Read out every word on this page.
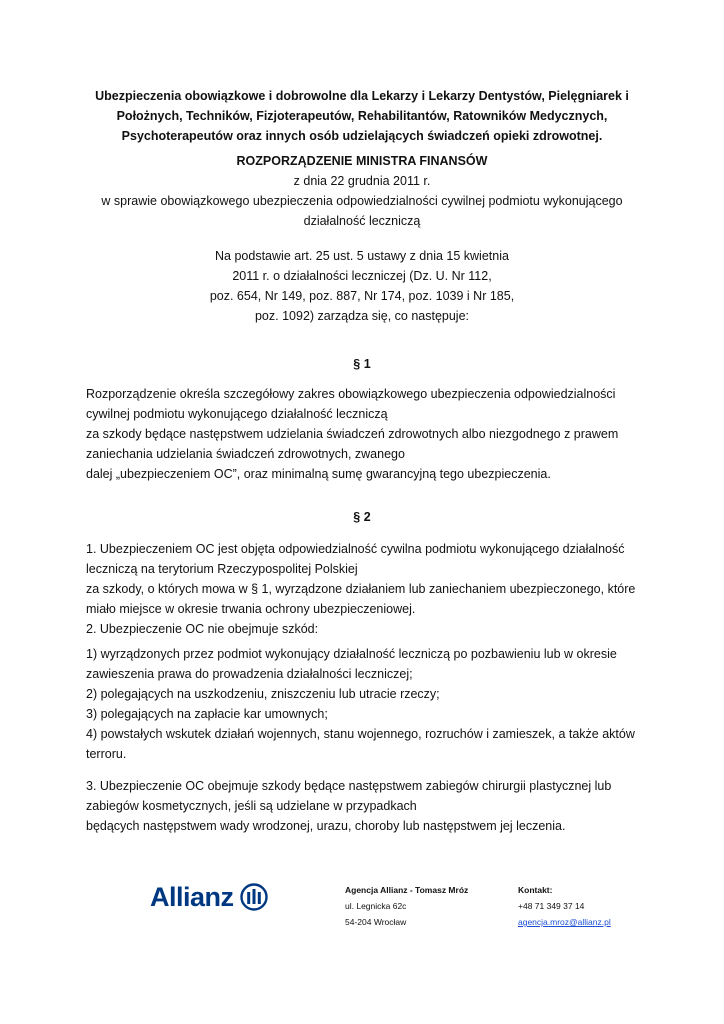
Ubezpieczenia obowiązkowe i dobrowolne dla Lekarzy i Lekarzy Dentystów, Pielęgniarek i
Położnych, Techników, Fizjoterapeutów, Rehabilitantów, Ratowników Medycznych,
Psychoterapeutów oraz innych osób udzielających świadczeń opieki zdrowotnej.
ROZPORZĄDZENIE MINISTRA FINANSÓW
z dnia 22 grudnia 2011 r.
w sprawie obowiązkowego ubezpieczenia odpowiedzialności cywilnej podmiotu wykonującego
działalność leczniczą
Na podstawie art. 25 ust. 5 ustawy z dnia 15 kwietnia
2011 r. o działalności leczniczej (Dz. U. Nr 112,
poz. 654, Nr 149, poz. 887, Nr 174, poz. 1039 i Nr 185,
poz. 1092) zarządza się, co następuje:
§ 1
Rozporządzenie określa szczegółowy zakres obowiązkowego ubezpieczenia odpowiedzialności
cywilnej podmiotu wykonującego działalność leczniczą
za szkody będące następstwem udzielania świadczeń zdrowotnych albo niezgodnego z prawem
zaniechania udzielania świadczeń zdrowotnych, zwanego
dalej „ubezpieczeniem OC”, oraz minimalną sumę gwarancyjną tego ubezpieczenia.
§ 2
1. Ubezpieczeniem OC jest objęta odpowiedzialność cywilna podmiotu wykonującego działalność
leczniczą na terytorium Rzeczypospolitej Polskiej
za szkody, o których mowa w § 1, wyrządzone działaniem lub zaniechaniem ubezpieczonego, które
miało miejsce w okresie trwania ochrony ubezpieczeniowej.
2. Ubezpieczenie OC nie obejmuje szkód:
1) wyrządzonych przez podmiot wykonujący działalność leczniczą po pozbawieniu lub w okresie
zawieszenia prawa do prowadzenia działalności leczniczej;
2) polegających na uszkodzeniu, zniszczeniu lub utracie rzeczy;
3) polegających na zapłacie kar umownych;
4) powstałych wskutek działań wojennych, stanu wojennego, rozruchów i zamieszek, a także aktów
terroru.
3. Ubezpieczenie OC obejmuje szkody będące następstwem zabiegów chirurgii plastycznej lub
zabiegów kosmetycznych, jeśli są udzielane w przypadkach
będących następstwem wady wrodzonej, urazu, choroby lub następstwem jej leczenia.
Allianz	Agencja Allianz - Tomasz Mróz
ul. Legnicka 62c
54-204 Wrocław
Kontakt:
+48 71 349 37 14
agencja.mroz@allianz.pl
